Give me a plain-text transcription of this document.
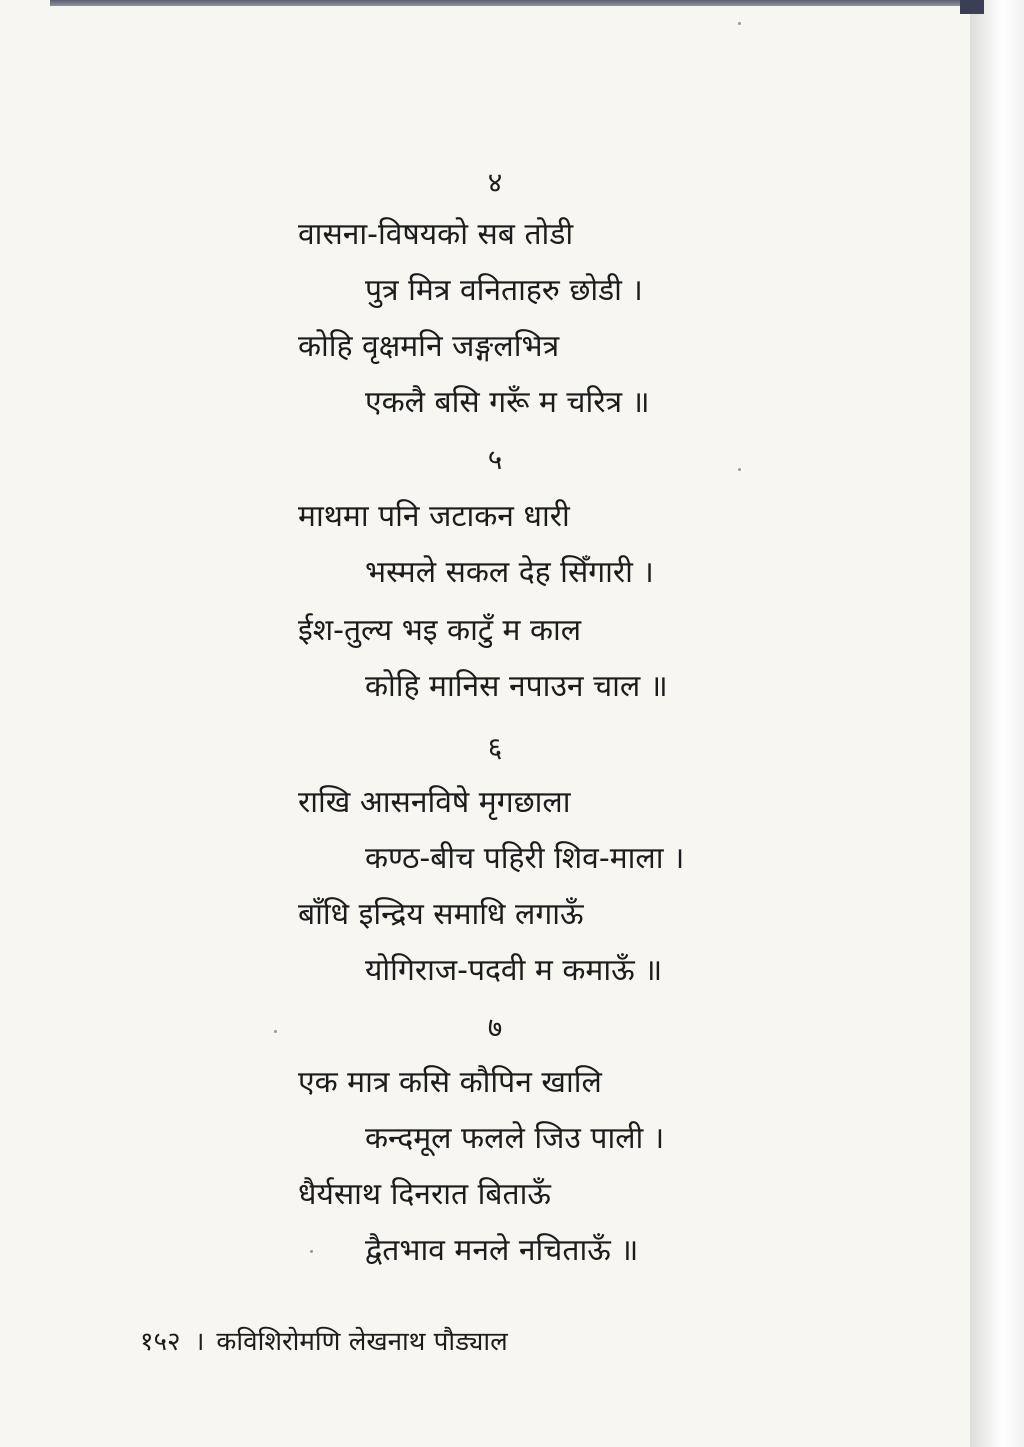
४
वासना-विषयको सब तोडी
पुत्र मित्र वनिताहरु छोडी ।
कोहि वृक्षमनि जङ्गलभित्र
एकलै बसि गरूँ म चरित्र ॥
५
माथमा पनि जटाकन धारी
भस्मले सकल देह सिँगारी ।
ईश-तुल्य भइ काटुँ म काल
कोहि मानिस नपाउन चाल ॥
६
राखि आसनविषे मृगछाला
कण्ठ-बीच पहिरी शिव-माला ।
बाँधि इन्द्रिय समाधि लगाऊँ
योगिराज-पदवी म कमाऊँ ॥
७
एक मात्र कसि कौपिन खालि
कन्दमूल फलले जिउ पाली ।
धैर्यसाथ दिनरात बिताऊँ
द्वैतभाव मनले नचिताऊँ ॥
१५२ । कविशिरोमणि लेखनाथ पौड्याल
